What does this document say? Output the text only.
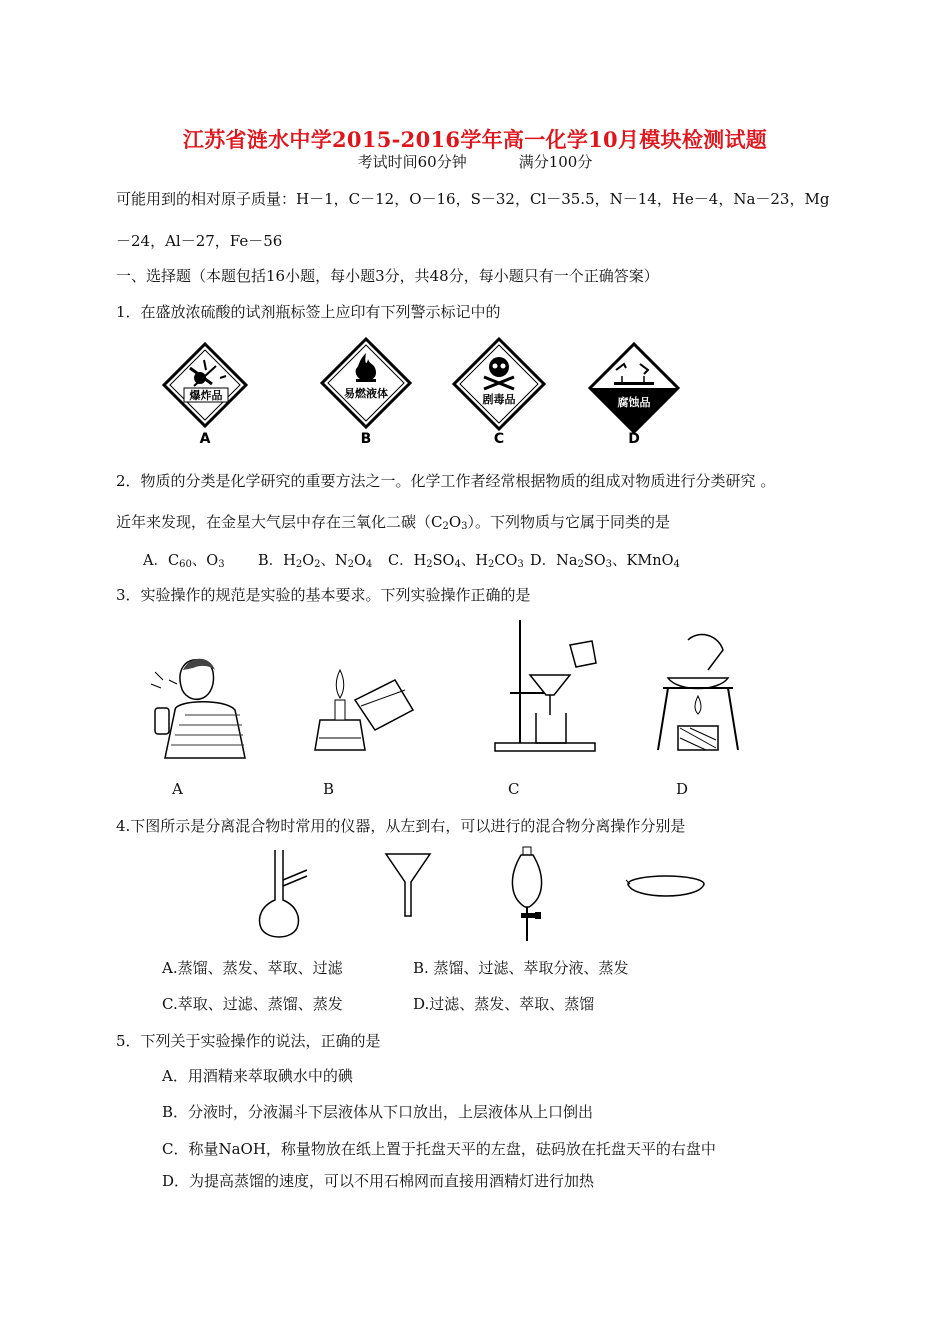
江苏省涟水中学2015-2016学年高一化学10月模块检测试题
考试时间60分钟	满分100分
可能用到的相对原子质量：H－1，C－12，O－16，S－32，Cl－35.5，N－14，He－4，Na－23，Mg
－24，Al－27，Fe－56
一、选择题（本题包括16小题，每小题3分，共48分，每小题只有一个正确答案）
1．在盛放浓硫酸的试剂瓶标签上应印有下列警示标记中的
爆炸品
A
易燃液体
B
剧毒品
C
腐蚀品
D
2．物质的分类是化学研究的重要方法之一。化学工作者经常根据物质的组成对物质进行分类研究 。
近年来发现，在金星大气层中存在三氧化二碳$(C_2O_3)$。下列物质与它属于同类的是
A．$C_{60}$、$O_3$ B．$H_2O_2$、$N_2O_4$ C．$H_2SO_4$、$H_2CO_3$ D．$Na_2SO_3$、KMnO$_4$
3．实验操作的规范是实验的基本要求。下列实验操作正确的是
A	B	C	D
4.下图所示是分离混合物时常用的仪器，从左到右，可以进行的混合物分离操作分别是
A.蒸馏、蒸发、萃取、过滤	B. 蒸馏、过滤、萃取分液、蒸发
C.萃取、过滤、蒸馏、蒸发	D.过滤、蒸发、萃取、蒸馏
5．下列关于实验操作的说法，正确的是
A．用酒精来萃取碘水中的碘
B．分液时，分液漏斗下层液体从下口放出，上层液体从上口倒出
C．称量NaOH，称量物放在纸上置于托盘天平的左盘，砝码放在托盘天平的右盘中
D．为提高蒸馏的速度，可以不用石棉网而直接用酒精灯进行加热
